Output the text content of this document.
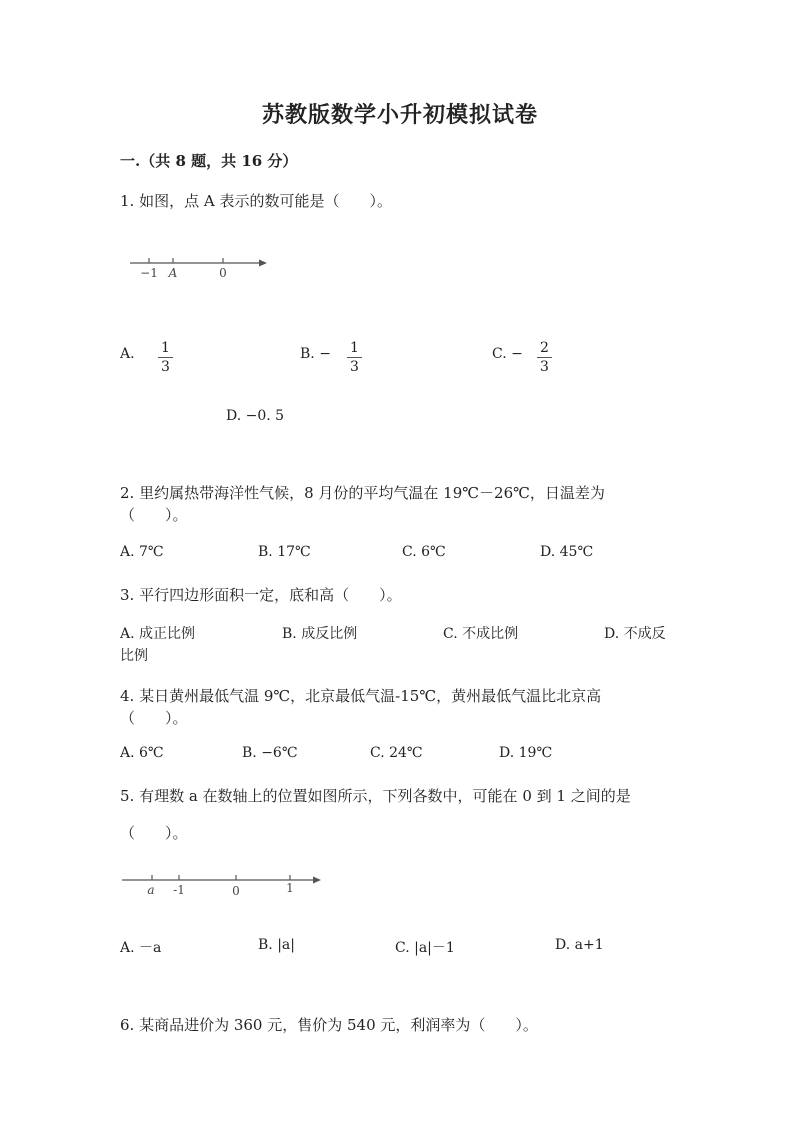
苏教版数学小升初模拟试卷
一.（共 8 题，共 16 分）
1. 如图，点 A 表示的数可能是（　　）。
−1 A	0
A. 1
3
B. − 1
3
C. − 2
3
D. −0. 5
2. 里约属热带海洋性气候，8 月份的平均气温在 19℃－26℃，日温差为
（　　）。
A. 7℃	B. 17℃	C. 6℃	D. 45℃
3. 平行四边形面积一定，底和高（　　）。
A. 成正比例	B. 成反比例	C. 不成比例	D. 不成反
比例
4. 某日黄州最低气温 9℃，北京最低气温-15℃，黄州最低气温比北京高
（　　）。
A. 6℃	B. −6℃	C. 24℃	D. 19℃
5. 有理数 a 在数轴上的位置如图所示，下列各数中，可能在 0 到 1 之间的是
（　　）。
a -1	0	1
A. －a	B. |a|	C. |a|－1	D. a+1
6. 某商品进价为 360 元，售价为 540 元，利润率为（　　）。
